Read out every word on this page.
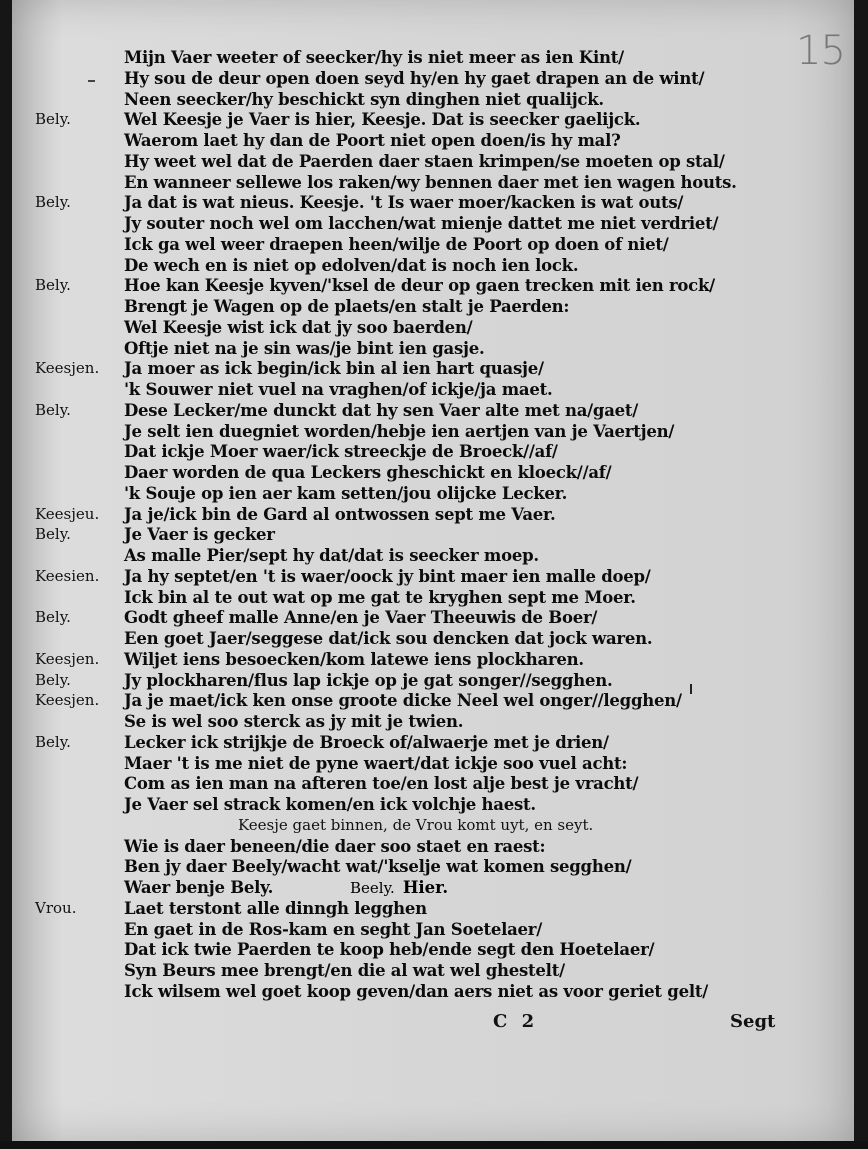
15
Mijn Vaer weeter of seecker/hy is niet meer as ien Kint/
Hy sou de deur open doen seyd hy/en hy gaet drapen an de wint/
Neen seecker/hy beschickt syn dinghen niet qualijck.
Bely.	Wel Keesje je Vaer is hier, Keesje. Dat is seecker gaelijck.
Waerom laet hy dan de Poort niet open doen/is hy mal?
Hy weet wel dat de Paerden daer staen krimpen/se moeten op stal/
En wanneer sellewe los raken/wy bennen daer met ien wagen houts.
Bely.	Ja dat is wat nieus. Keesje. 't Is waer moer/kacken is wat outs/
Jy souter noch wel om lacchen/wat mienje dattet me niet verdriet/
Ick ga wel weer draepen heen/wilje de Poort op doen of niet/
De wech en is niet op edolven/dat is noch ien lock.
Bely.	Hoe kan Keesje kyven/'ksel de deur op gaen trecken mit ien rock/
Brengt je Wagen op de plaets/en stalt je Paerden:
Wel Keesje wist ick dat jy soo baerden/
Oftje niet na je sin was/je bint ien gasje.
Keesjen. Ja moer as ick begin/ick bin al ien hart quasje/
'k Souwer niet vuel na vraghen/of ickje/ja maet.
Bely.	Dese Lecker/me dunckt dat hy sen Vaer alte met na/gaet/
Je selt ien duegniet worden/hebje ien aertjen van je Vaertjen/
Dat ickje Moer waer/ick streeckje de Broeck//af/
Daer worden de qua Leckers gheschickt en kloeck//af/
'k Souje op ien aer kam setten/jou olijcke Lecker.
Keesjeu. Ja je/ick bin de Gard al ontwossen sept me Vaer.
Bely.	Je Vaer is gecker
As malle Pier/sept hy dat/dat is seecker moep.
Keesien. Ja hy septet/en 't is waer/oock jy bint maer ien malle doep/
Ick bin al te out wat op me gat te kryghen sept me Moer.
Bely.	Godt gheef malle Anne/en je Vaer Theeuwis de Boer/
Een goet Jaer/seggese dat/ick sou dencken dat jock waren.
Keesjen. Wiljet iens besoecken/kom latewe iens plockharen.
Bely.	Jy plockharen/flus lap ickje op je gat songer//segghen.
Keesjen. Ja je maet/ick ken onse groote dicke Neel wel onger//legghen/
Se is wel soo sterck as jy mit je twien.
Bely.	Lecker ick strijkje de Broeck of/alwaerje met je drien/
Maer 't is me niet de pyne waert/dat ickje soo vuel acht:
Com as ien man na afteren toe/en lost alje best je vracht/
Je Vaer sel strack komen/en ick volchje haest.
Keesje gaet binnen, de Vrou komt uyt, en seyt.
Wie is daer beneen/die daer soo staet en raest:
Ben jy daer Beely/wacht wat/'kselje wat komen segghen/
Waer benje Bely.	Beely. Hier.
Vrou.	Laet terstont alle dinngh legghen
En gaet in de Ros-kam en seght Jan Soetelaer/
Dat ick twie Paerden te koop heb/ende segt den Hoetelaer/
Syn Beurs mee brengt/en die al wat wel ghestelt/
Ick wilsem wel goet koop geven/dan aers niet as voor geriet gelt/
C 2	Segt
